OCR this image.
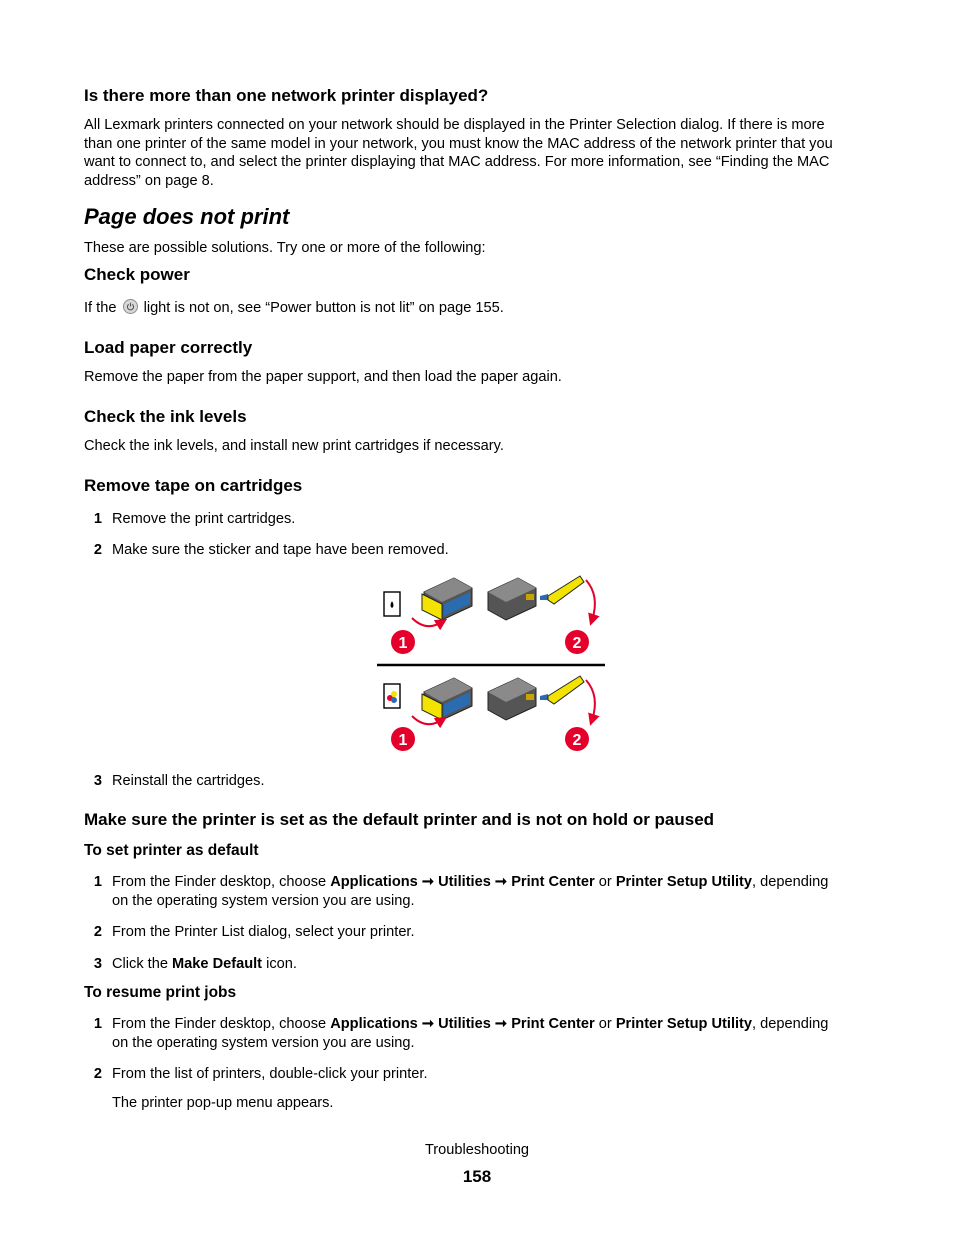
Is there more than one network printer displayed?
All Lexmark printers connected on your network should be displayed in the Printer Selection dialog. If there is more
than one printer of the same model in your network, you must know the MAC address of the network printer that you
want to connect to, and select the printer displaying that MAC address. For more information, see “Finding the MAC
address” on page 8.
Page does not print
These are possible solutions. Try one or more of the following:
Check power
If the light is not on, see “Power button is not lit” on page 155.
Load paper correctly
Remove the paper from the paper support, and then load the paper again.
Check the ink levels
Check the ink levels, and install new print cartridges if necessary.
Remove tape on cartridges
1 Remove the print cartridges.
2 Make sure the sticker and tape have been removed.
1	2
1	2
3 Reinstall the cartridges.
Make sure the printer is set as the default printer and is not on hold or paused
To set printer as default
1 From the Finder desktop, choose Applications ➞ Utilities ➞ Print Center or Printer Setup Utility, depending
on the operating system version you are using.
2 From the Printer List dialog, select your printer.
3 Click the Make Default icon.
To resume print jobs
1 From the Finder desktop, choose Applications ➞ Utilities ➞ Print Center or Printer Setup Utility, depending
on the operating system version you are using.
2 From the list of printers, double-click your printer.
The printer pop-up menu appears.
Troubleshooting
158
